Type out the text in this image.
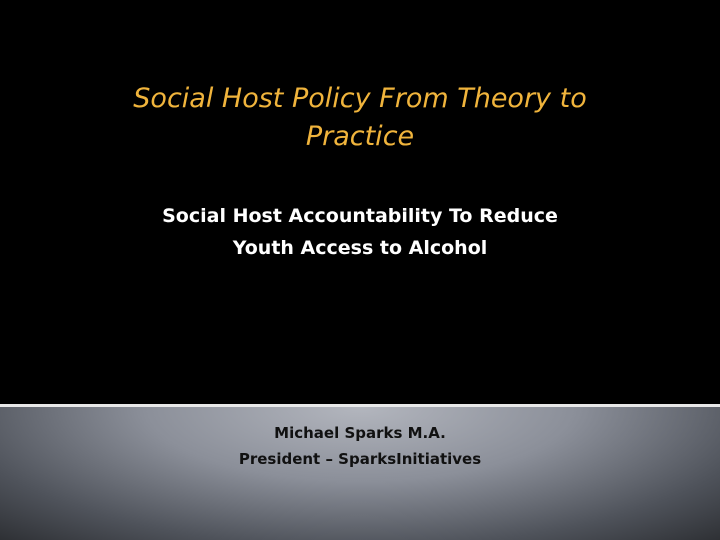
Social Host Policy From Theory to
Practice
Social Host Accountability To Reduce
Youth Access to Alcohol
Michael Sparks M.A.
President – SparksInitiatives
